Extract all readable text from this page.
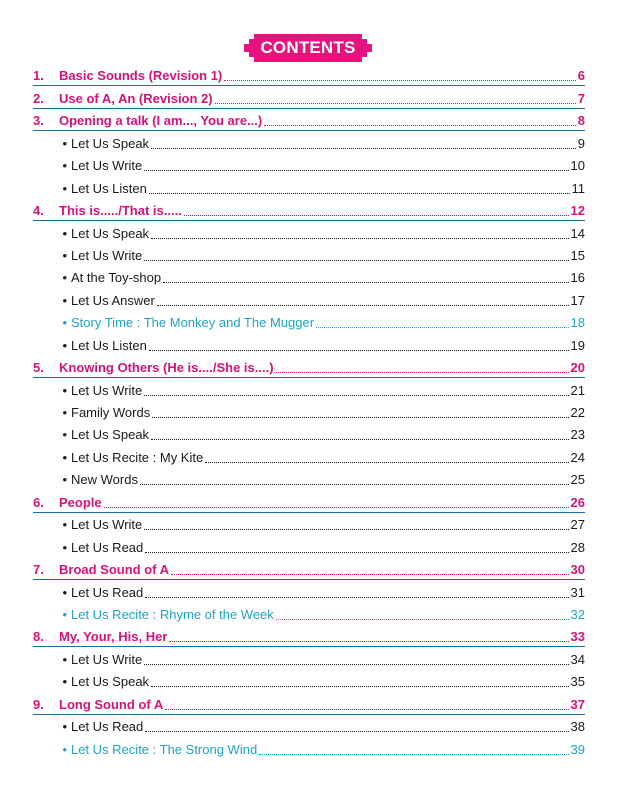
CONTENTS
1.	Basic Sounds (Revision 1)	6
2.	Use of A, An (Revision 2)	7
3.	Opening a talk (I am..., You are...)	8
• Let Us Speak	9
• Let Us Write	10
• Let Us Listen	11
4.	This is...../That is.....	12
• Let Us Speak	14
• Let Us Write	15
• At the Toy-shop	16
• Let Us Answer	17
• Story Time : The Monkey and The Mugger	18
• Let Us Listen	19
5.	Knowing Others (He is..../She is....)	20
• Let Us Write	21
• Family Words	22
• Let Us Speak	23
• Let Us Recite : My Kite	24
• New Words	25
6.	People	26
• Let Us Write	27
• Let Us Read	28
7.	Broad Sound of A	30
• Let Us Read	31
• Let Us Recite : Rhyme of the Week	32
8.	My, Your, His, Her	33
• Let Us Write	34
• Let Us Speak	35
9.	Long Sound of A	37
• Let Us Read	38
• Let Us Recite : The Strong Wind	39
